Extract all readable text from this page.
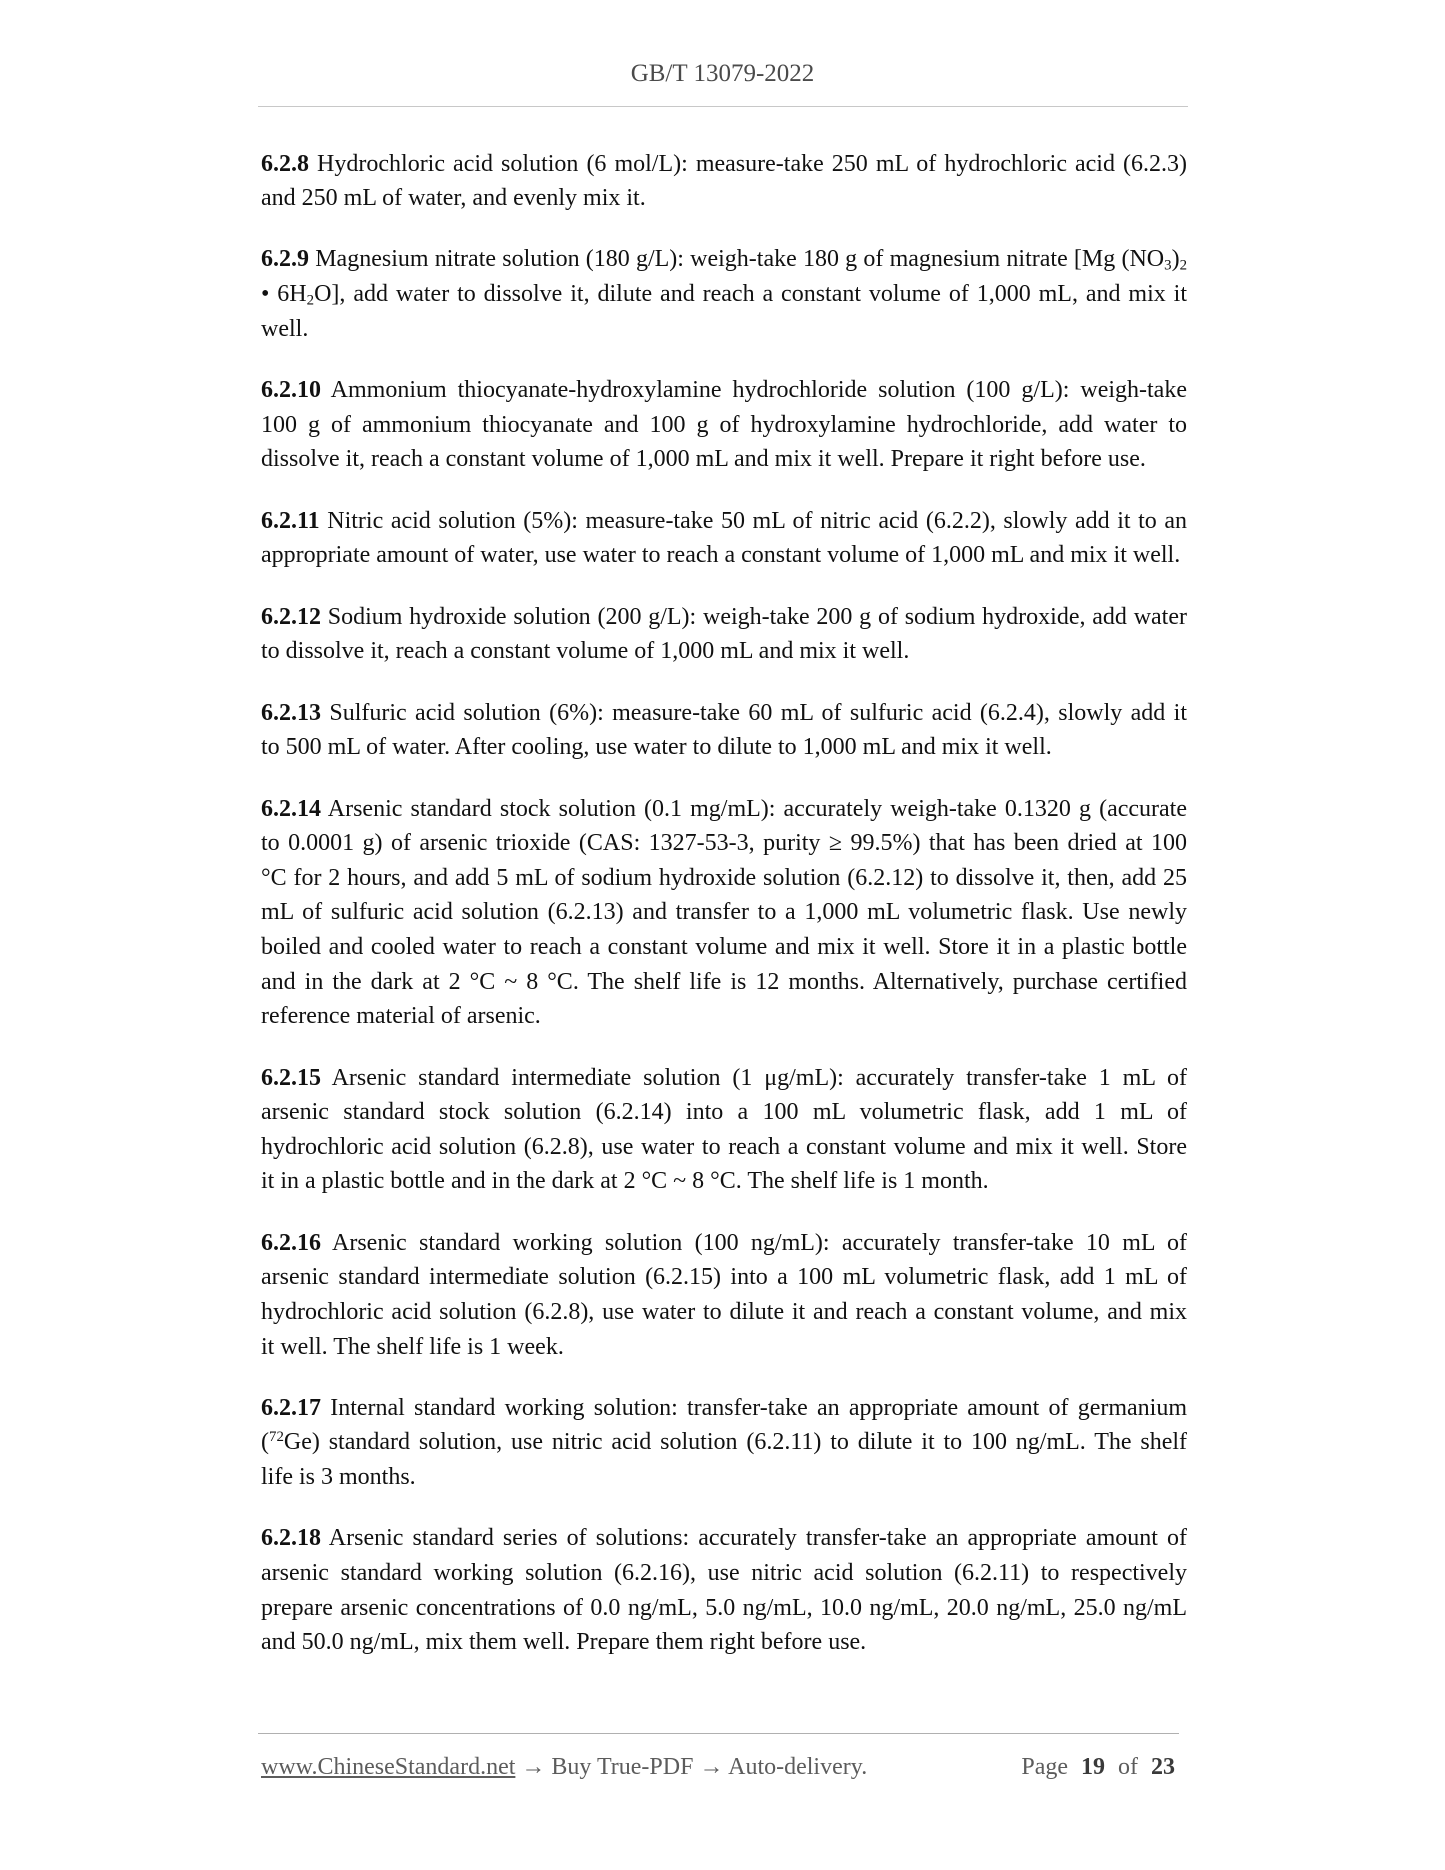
GB/T 13079-2022
6.2.8 Hydrochloric acid solution (6 mol/L): measure-take 250 mL of hydrochloric acid (6.2.3)
and 250 mL of water, and evenly mix it.
6.2.9 Magnesium nitrate solution (180 g/L): weigh-take 180 g of magnesium nitrate [Mg $(NO_3)_2$
• $6H_2O$], add water to dissolve it, dilute and reach a constant volume of 1,000 mL, and mix it
well.
6.2.10 Ammonium thiocyanate-hydroxylamine hydrochloride solution (100 g/L): weigh-take
100 g of ammonium thiocyanate and 100 g of hydroxylamine hydrochloride, add water to
dissolve it, reach a constant volume of 1,000 mL and mix it well. Prepare it right before use.
6.2.11 Nitric acid solution (5%): measure-take 50 mL of nitric acid (6.2.2), slowly add it to an
appropriate amount of water, use water to reach a constant volume of 1,000 mL and mix it well.
6.2.12 Sodium hydroxide solution (200 g/L): weigh-take 200 g of sodium hydroxide, add water
to dissolve it, reach a constant volume of 1,000 mL and mix it well.
6.2.13 Sulfuric acid solution (6%): measure-take 60 mL of sulfuric acid (6.2.4), slowly add it
to 500 mL of water. After cooling, use water to dilute to 1,000 mL and mix it well.
6.2.14 Arsenic standard stock solution (0.1 mg/mL): accurately weigh-take 0.1320 g (accurate
to 0.0001 g) of arsenic trioxide (CAS: 1327-53-3, purity ≥ 99.5%) that has been dried at 100
°C for 2 hours, and add 5 mL of sodium hydroxide solution (6.2.12) to dissolve it, then, add 25
mL of sulfuric acid solution (6.2.13) and transfer to a 1,000 mL volumetric flask. Use newly
boiled and cooled water to reach a constant volume and mix it well. Store it in a plastic bottle
and in the dark at 2 °C ~ 8 °C. The shelf life is 12 months. Alternatively, purchase certified
reference material of arsenic.
6.2.15 Arsenic standard intermediate solution (1 μg/mL): accurately transfer-take 1 mL of
arsenic standard stock solution (6.2.14) into a 100 mL volumetric flask, add 1 mL of
hydrochloric acid solution (6.2.8), use water to reach a constant volume and mix it well. Store
it in a plastic bottle and in the dark at 2 °C ~ 8 °C. The shelf life is 1 month.
6.2.16 Arsenic standard working solution (100 ng/mL): accurately transfer-take 10 mL of
arsenic standard intermediate solution (6.2.15) into a 100 mL volumetric flask, add 1 mL of
hydrochloric acid solution (6.2.8), use water to dilute it and reach a constant volume, and mix
it well. The shelf life is 1 week.
6.2.17 Internal standard working solution: transfer-take an appropriate amount of germanium
($^{72}$Ge) standard solution, use nitric acid solution (6.2.11) to dilute it to 100 ng/mL. The shelf
life is 3 months.
6.2.18 Arsenic standard series of solutions: accurately transfer-take an appropriate amount of
arsenic standard working solution (6.2.16), use nitric acid solution (6.2.11) to respectively
prepare arsenic concentrations of 0.0 ng/mL, 5.0 ng/mL, 10.0 ng/mL, 20.0 ng/mL, 25.0 ng/mL
and 50.0 ng/mL, mix them well. Prepare them right before use.
www.ChineseStandard.net → Buy True-PDF → Auto-delivery.	Page 19 of 23
